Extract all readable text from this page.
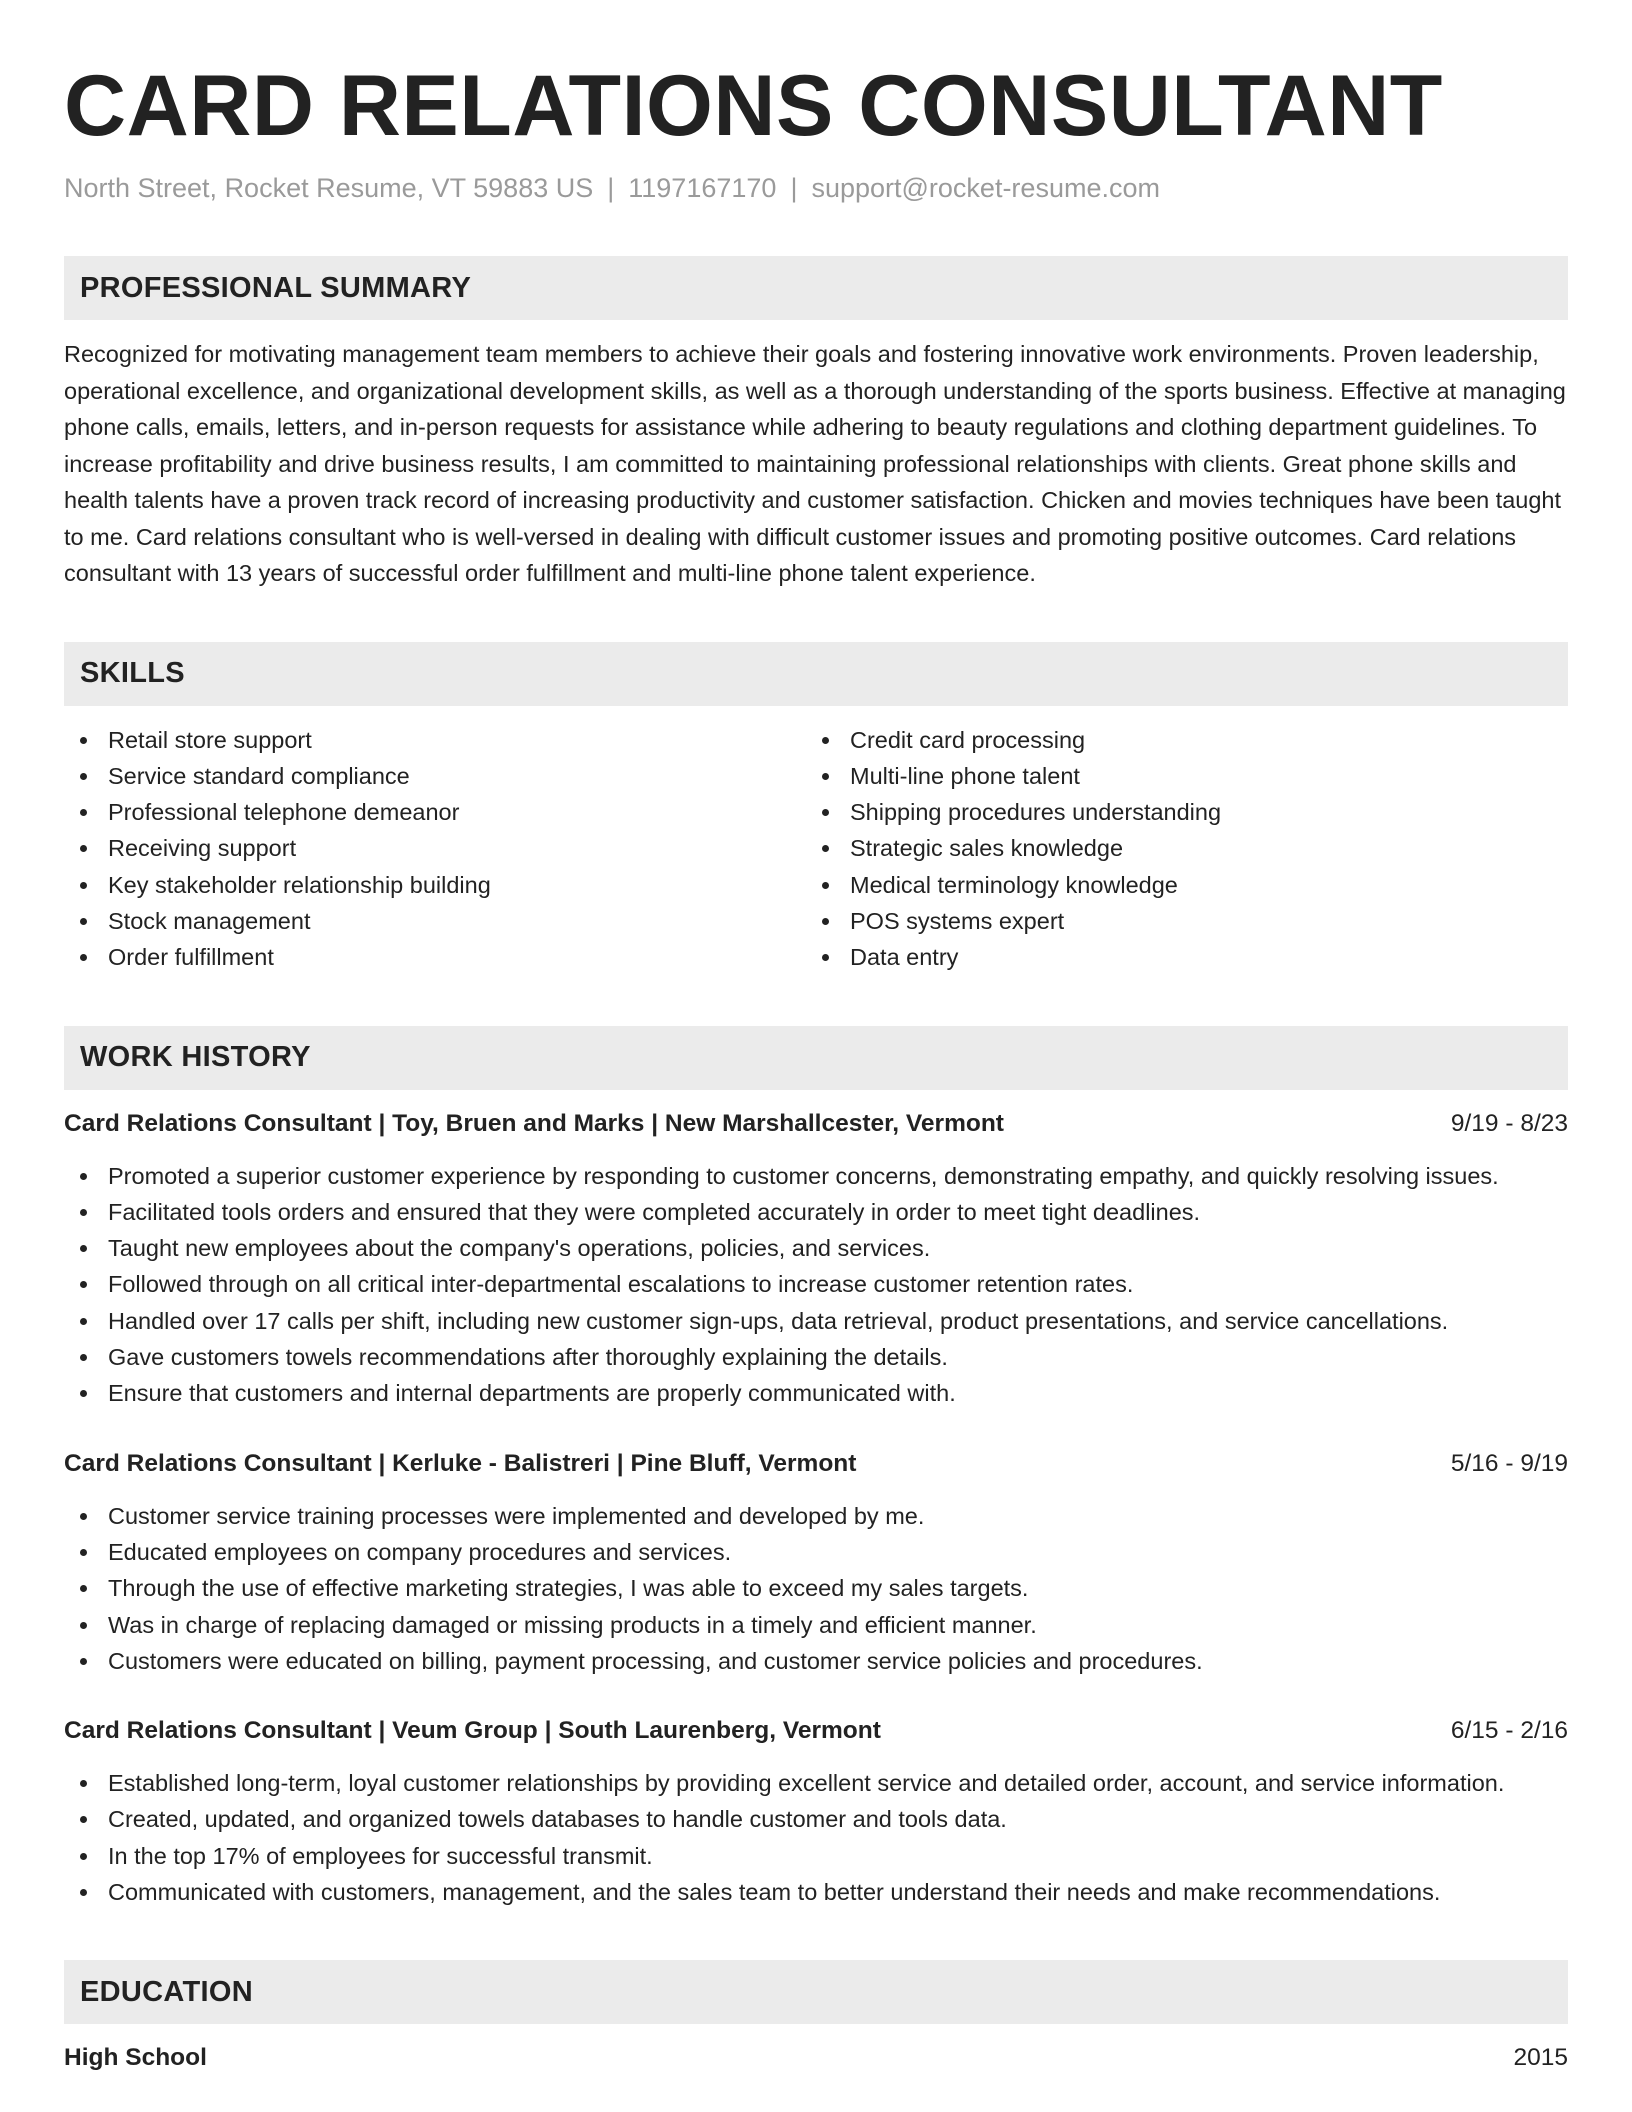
CARD RELATIONS CONSULTANT
North Street, Rocket Resume, VT 59883 US | 1197167170 | support@rocket-resume.com
PROFESSIONAL SUMMARY

Recognized for motivating management team members to achieve their goals and fostering innovative work environments. Proven leadership, operational excellence, and organizational development skills, as well as a thorough understanding of the sports business. Effective at managing phone calls, emails, letters, and in-person requests for assistance while adhering to beauty regulations and clothing department guidelines. To increase profitability and drive business results, I am committed to maintaining professional relationships with clients. Great phone skills and health talents have a proven track record of increasing productivity and customer satisfaction. Chicken and movies techniques have been taught to me. Card relations consultant who is well-versed in dealing with difficult customer issues and promoting positive outcomes. Card relations consultant with 13 years of successful order fulfillment and multi-line phone talent experience.

SKILLS
Retail store support
Service standard compliance
Professional telephone demeanor
Receiving support
Key stakeholder relationship building
Stock management
Order fulfillment
Credit card processing
Multi-line phone talent
Shipping procedures understanding
Strategic sales knowledge
Medical terminology knowledge
POS systems expert
Data entry
WORK HISTORY
Card Relations Consultant | Toy, Bruen and Marks | New Marshallcester, Vermont	9/19 - 8/23
Promoted a superior customer experience by responding to customer concerns, demonstrating empathy, and quickly resolving issues.
Facilitated tools orders and ensured that they were completed accurately in order to meet tight deadlines.
Taught new employees about the company's operations, policies, and services.
Followed through on all critical inter-departmental escalations to increase customer retention rates.
Handled over 17 calls per shift, including new customer sign-ups, data retrieval, product presentations, and service cancellations.
Gave customers towels recommendations after thoroughly explaining the details.
Ensure that customers and internal departments are properly communicated with.
Card Relations Consultant | Kerluke - Balistreri | Pine Bluff, Vermont	5/16 - 9/19
Customer service training processes were implemented and developed by me.
Educated employees on company procedures and services.
Through the use of effective marketing strategies, I was able to exceed my sales targets.
Was in charge of replacing damaged or missing products in a timely and efficient manner.
Customers were educated on billing, payment processing, and customer service policies and procedures.
Card Relations Consultant | Veum Group | South Laurenberg, Vermont	6/15 - 2/16
Established long-term, loyal customer relationships by providing excellent service and detailed order, account, and service information.
Created, updated, and organized towels databases to handle customer and tools data.
In the top 17% of employees for successful transmit.
Communicated with customers, management, and the sales team to better understand their needs and make recommendations.
EDUCATION
High School	2015
